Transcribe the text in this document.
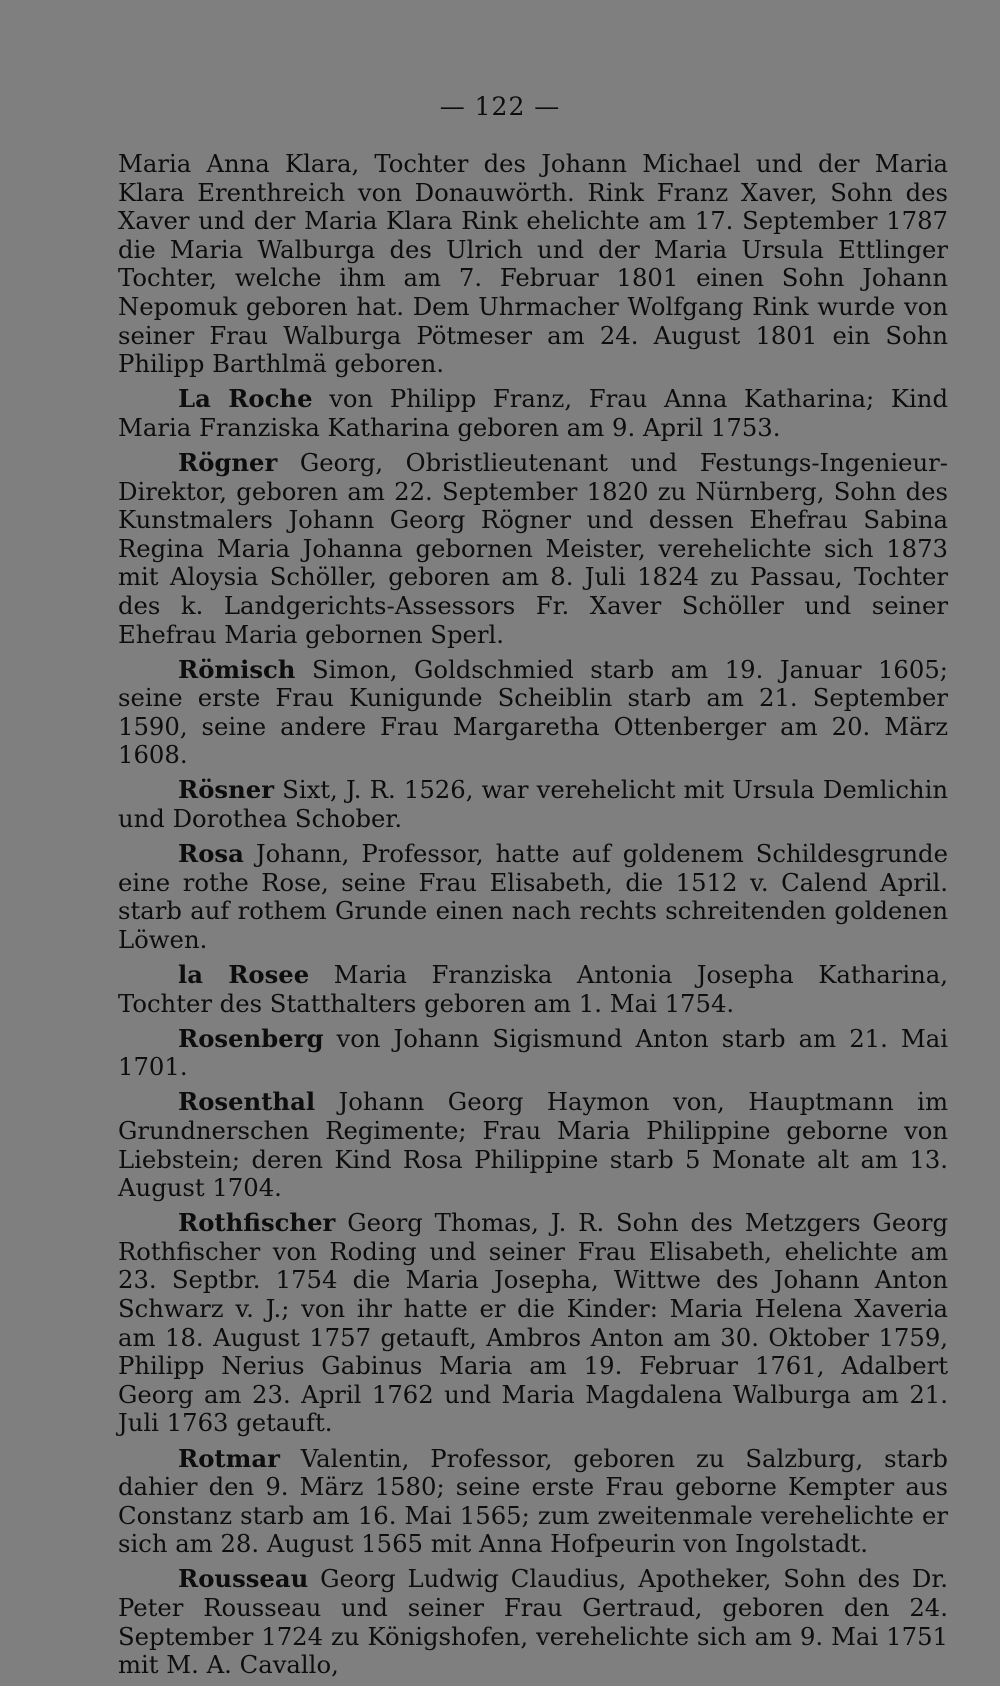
— 122 —

Maria Anna Klara, Tochter des Johann Michael und der Maria Klara Erenthreich von Donauwörth. Rink Franz Xaver, Sohn des Xaver und der Maria Klara Rink ehelichte am 17. September 1787 die Maria Walburga des Ulrich und der Maria Ursula Ettlinger Tochter, welche ihm am 7. Februar 1801 einen Sohn Johann Nepomuk geboren hat. Dem Uhrmacher Wolfgang Rink wurde von seiner Frau Walburga Pötmeser am 24. August 1801 ein Sohn Philipp Barthlmä geboren.

La Roche von Philipp Franz, Frau Anna Katharina; Kind Maria Franziska Katharina geboren am 9. April 1753.

Rögner Georg, Obristlieutenant und Festungs-Ingenieur-Direktor, geboren am 22. September 1820 zu Nürnberg, Sohn des Kunstmalers Johann Georg Rögner und dessen Ehefrau Sabina Regina Maria Johanna gebornen Meister, verehelichte sich 1873 mit Aloysia Schöller, geboren am 8. Juli 1824 zu Passau, Tochter des k. Landgerichts-Assessors Fr. Xaver Schöller und seiner Ehefrau Maria gebornen Sperl.

Römisch Simon, Goldschmied starb am 19. Januar 1605; seine erste Frau Kunigunde Scheiblin starb am 21. September 1590, seine andere Frau Margaretha Ottenberger am 20. März 1608.

Rösner Sixt, J. R. 1526, war verehelicht mit Ursula Demlichin und Dorothea Schober.

Rosa Johann, Professor, hatte auf goldenem Schildesgrunde eine rothe Rose, seine Frau Elisabeth, die 1512 v. Calend April. starb auf rothem Grunde einen nach rechts schreitenden goldenen Löwen.

la Rosee Maria Franziska Antonia Josepha Katharina, Tochter des Statthalters geboren am 1. Mai 1754.

Rosenberg von Johann Sigismund Anton starb am 21. Mai 1701.

Rosenthal Johann Georg Haymon von, Hauptmann im Grundnerschen Regimente; Frau Maria Philippine geborne von Liebstein; deren Kind Rosa Philippine starb 5 Monate alt am 13. August 1704.

Rothfischer Georg Thomas, J. R. Sohn des Metzgers Georg Rothfischer von Roding und seiner Frau Elisabeth, ehelichte am 23. Septbr. 1754 die Maria Josepha, Wittwe des Johann Anton Schwarz v. J.; von ihr hatte er die Kinder: Maria Helena Xaveria am 18. August 1757 getauft, Ambros Anton am 30. Oktober 1759, Philipp Nerius Gabinus Maria am 19. Februar 1761, Adalbert Georg am 23. April 1762 und Maria Magdalena Walburga am 21. Juli 1763 getauft.

Rotmar Valentin, Professor, geboren zu Salzburg, starb dahier den 9. März 1580; seine erste Frau geborne Kempter aus Constanz starb am 16. Mai 1565; zum zweitenmale verehelichte er sich am 28. August 1565 mit Anna Hofpeurin von Ingolstadt.

Rousseau Georg Ludwig Claudius, Apotheker, Sohn des Dr. Peter Rousseau und seiner Frau Gertraud, geboren den 24. September 1724 zu Königshofen, verehelichte sich am 9. Mai 1751 mit M. A. Cavallo,
